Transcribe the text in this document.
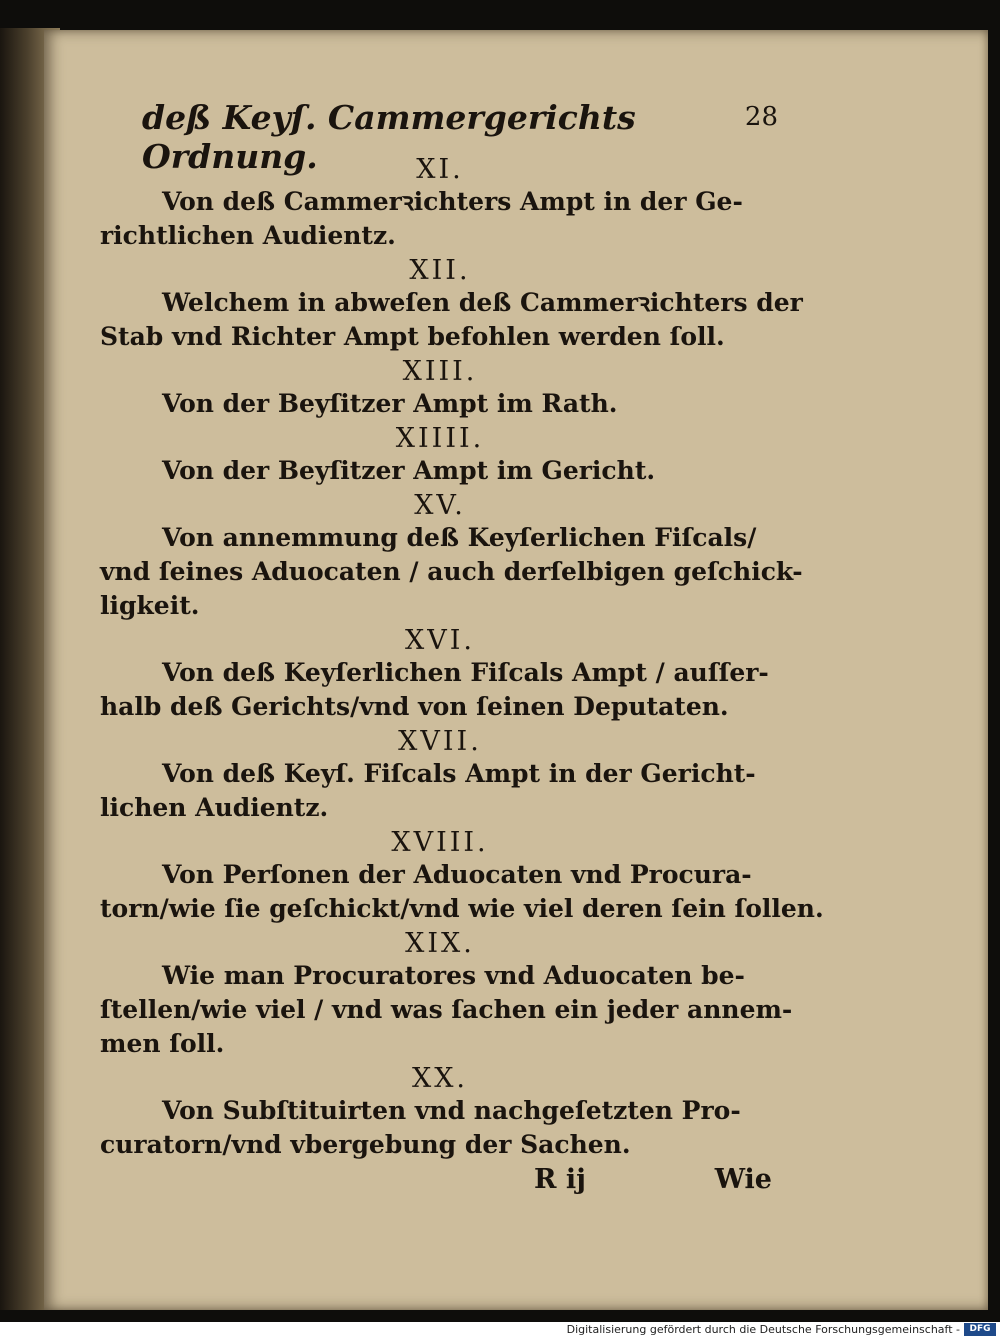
deß Keyſ. Cammergerichts Ordnung.
28
XI.
Von deß Cammerꝛichters Ampt in der Ge-
richtlichen Audientz.
XII.
Welchem in abweſen deß Cammerꝛichters der
Stab vnd Richter Ampt befohlen werden ſoll.
XIII.
Von der Beyſitzer Ampt im Rath.
XIIII.
Von der Beyſitzer Ampt im Gericht.
XV.
Von annemmung deß Keyſerlichen Fiſcals/
vnd ſeines Aduocaten / auch derſelbigen geſchick-
ligkeit.
XVI.
Von deß Keyſerlichen Fiſcals Ampt / auſſer-
halb deß Gerichts/vnd von ſeinen Deputaten.
XVII.
Von deß Keyſ. Fiſcals Ampt in der Gericht-
lichen Audientz.
XVIII.
Von Perſonen der Aduocaten vnd Procura-
torn/wie ſie geſchickt/vnd wie viel deren ſein ſollen.
XIX.
Wie man Procuratores vnd Aduocaten be-
ſtellen/wie viel / vnd was ſachen ein jeder annem-
men ſoll.
XX.
Von Subſtituirten vnd nachgeſetzten Pro-
curatorn/vnd vbergebung der Sachen.
R ij	Wie
Digitalisierung gefördert durch die Deutsche Forschungsgemeinschaft -	DFG
